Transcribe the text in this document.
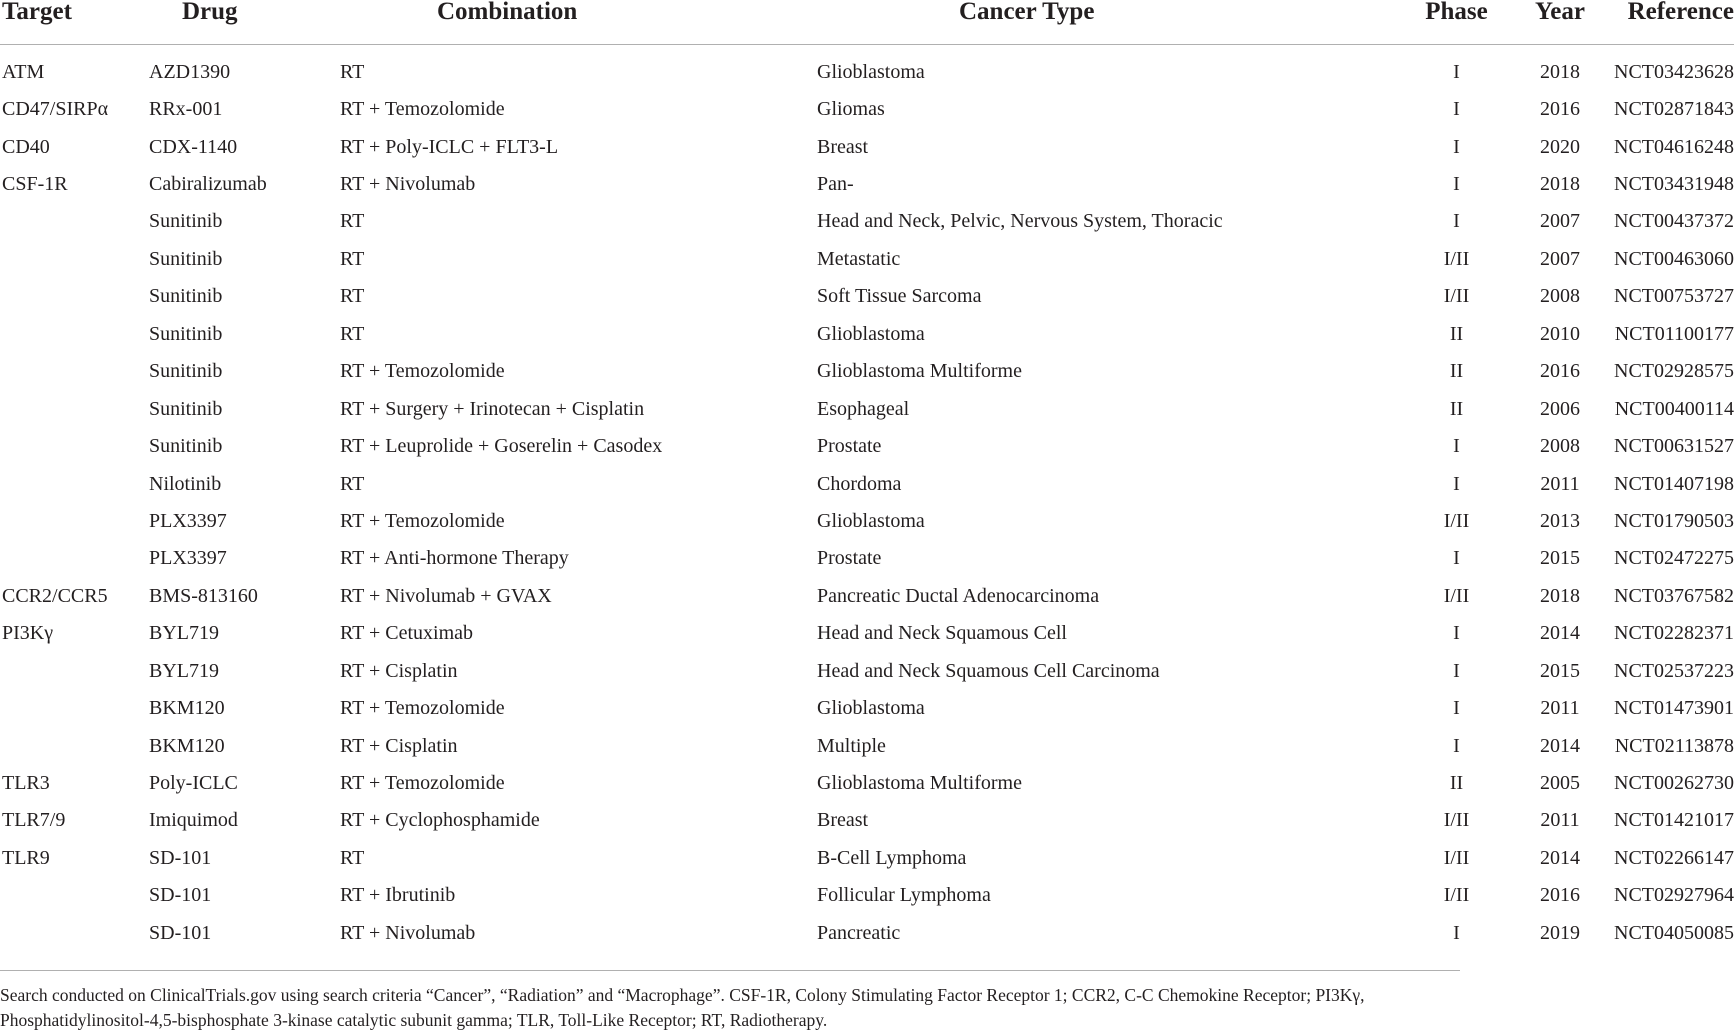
Target	Drug	Combination	Cancer Type	Phase	Year	Reference
ATM	AZD1390	RT	Glioblastoma	I	2018	NCT03423628
CD47/SIRPα	RRx-001	RT + Temozolomide	Gliomas	I	2016	NCT02871843
CD40	CDX-1140	RT + Poly-ICLC + FLT3-L	Breast	I	2020	NCT04616248
CSF-1R	Cabiralizumab	RT + Nivolumab	Pan-	I	2018	NCT03431948
	Sunitinib	RT	Head and Neck, Pelvic, Nervous System, Thoracic	I	2007	NCT00437372
	Sunitinib	RT	Metastatic	I/II	2007	NCT00463060
	Sunitinib	RT	Soft Tissue Sarcoma	I/II	2008	NCT00753727
	Sunitinib	RT	Glioblastoma	II	2010	NCT01100177
	Sunitinib	RT + Temozolomide	Glioblastoma Multiforme	II	2016	NCT02928575
	Sunitinib	RT + Surgery + Irinotecan + Cisplatin	Esophageal	II	2006	NCT00400114
	Sunitinib	RT + Leuprolide + Goserelin + Casodex	Prostate	I	2008	NCT00631527
	Nilotinib	RT	Chordoma	I	2011	NCT01407198
	PLX3397	RT + Temozolomide	Glioblastoma	I/II	2013	NCT01790503
	PLX3397	RT + Anti-hormone Therapy	Prostate	I	2015	NCT02472275
CCR2/CCR5	BMS-813160	RT + Nivolumab + GVAX	Pancreatic Ductal Adenocarcinoma	I/II	2018	NCT03767582
PI3Kγ	BYL719	RT + Cetuximab	Head and Neck Squamous Cell	I	2014	NCT02282371
	BYL719	RT + Cisplatin	Head and Neck Squamous Cell Carcinoma	I	2015	NCT02537223
	BKM120	RT + Temozolomide	Glioblastoma	I	2011	NCT01473901
	BKM120	RT + Cisplatin	Multiple	I	2014	NCT02113878
TLR3	Poly-ICLC	RT + Temozolomide	Glioblastoma Multiforme	II	2005	NCT00262730
TLR7/9	Imiquimod	RT + Cyclophosphamide	Breast	I/II	2011	NCT01421017
TLR9	SD-101	RT	B-Cell Lymphoma	I/II	2014	NCT02266147
	SD-101	RT + Ibrutinib	Follicular Lymphoma	I/II	2016	NCT02927964
	SD-101	RT + Nivolumab	Pancreatic	I	2019	NCT04050085
Search conducted on ClinicalTrials.gov using search criteria “Cancer”, “Radiation” and “Macrophage”. CSF-1R, Colony Stimulating Factor Receptor 1; CCR2, C-C Chemokine Receptor; PI3Kγ, Phosphatidylinositol-4,5-bisphosphate 3-kinase catalytic subunit gamma; TLR, Toll-Like Receptor; RT, Radiotherapy.
